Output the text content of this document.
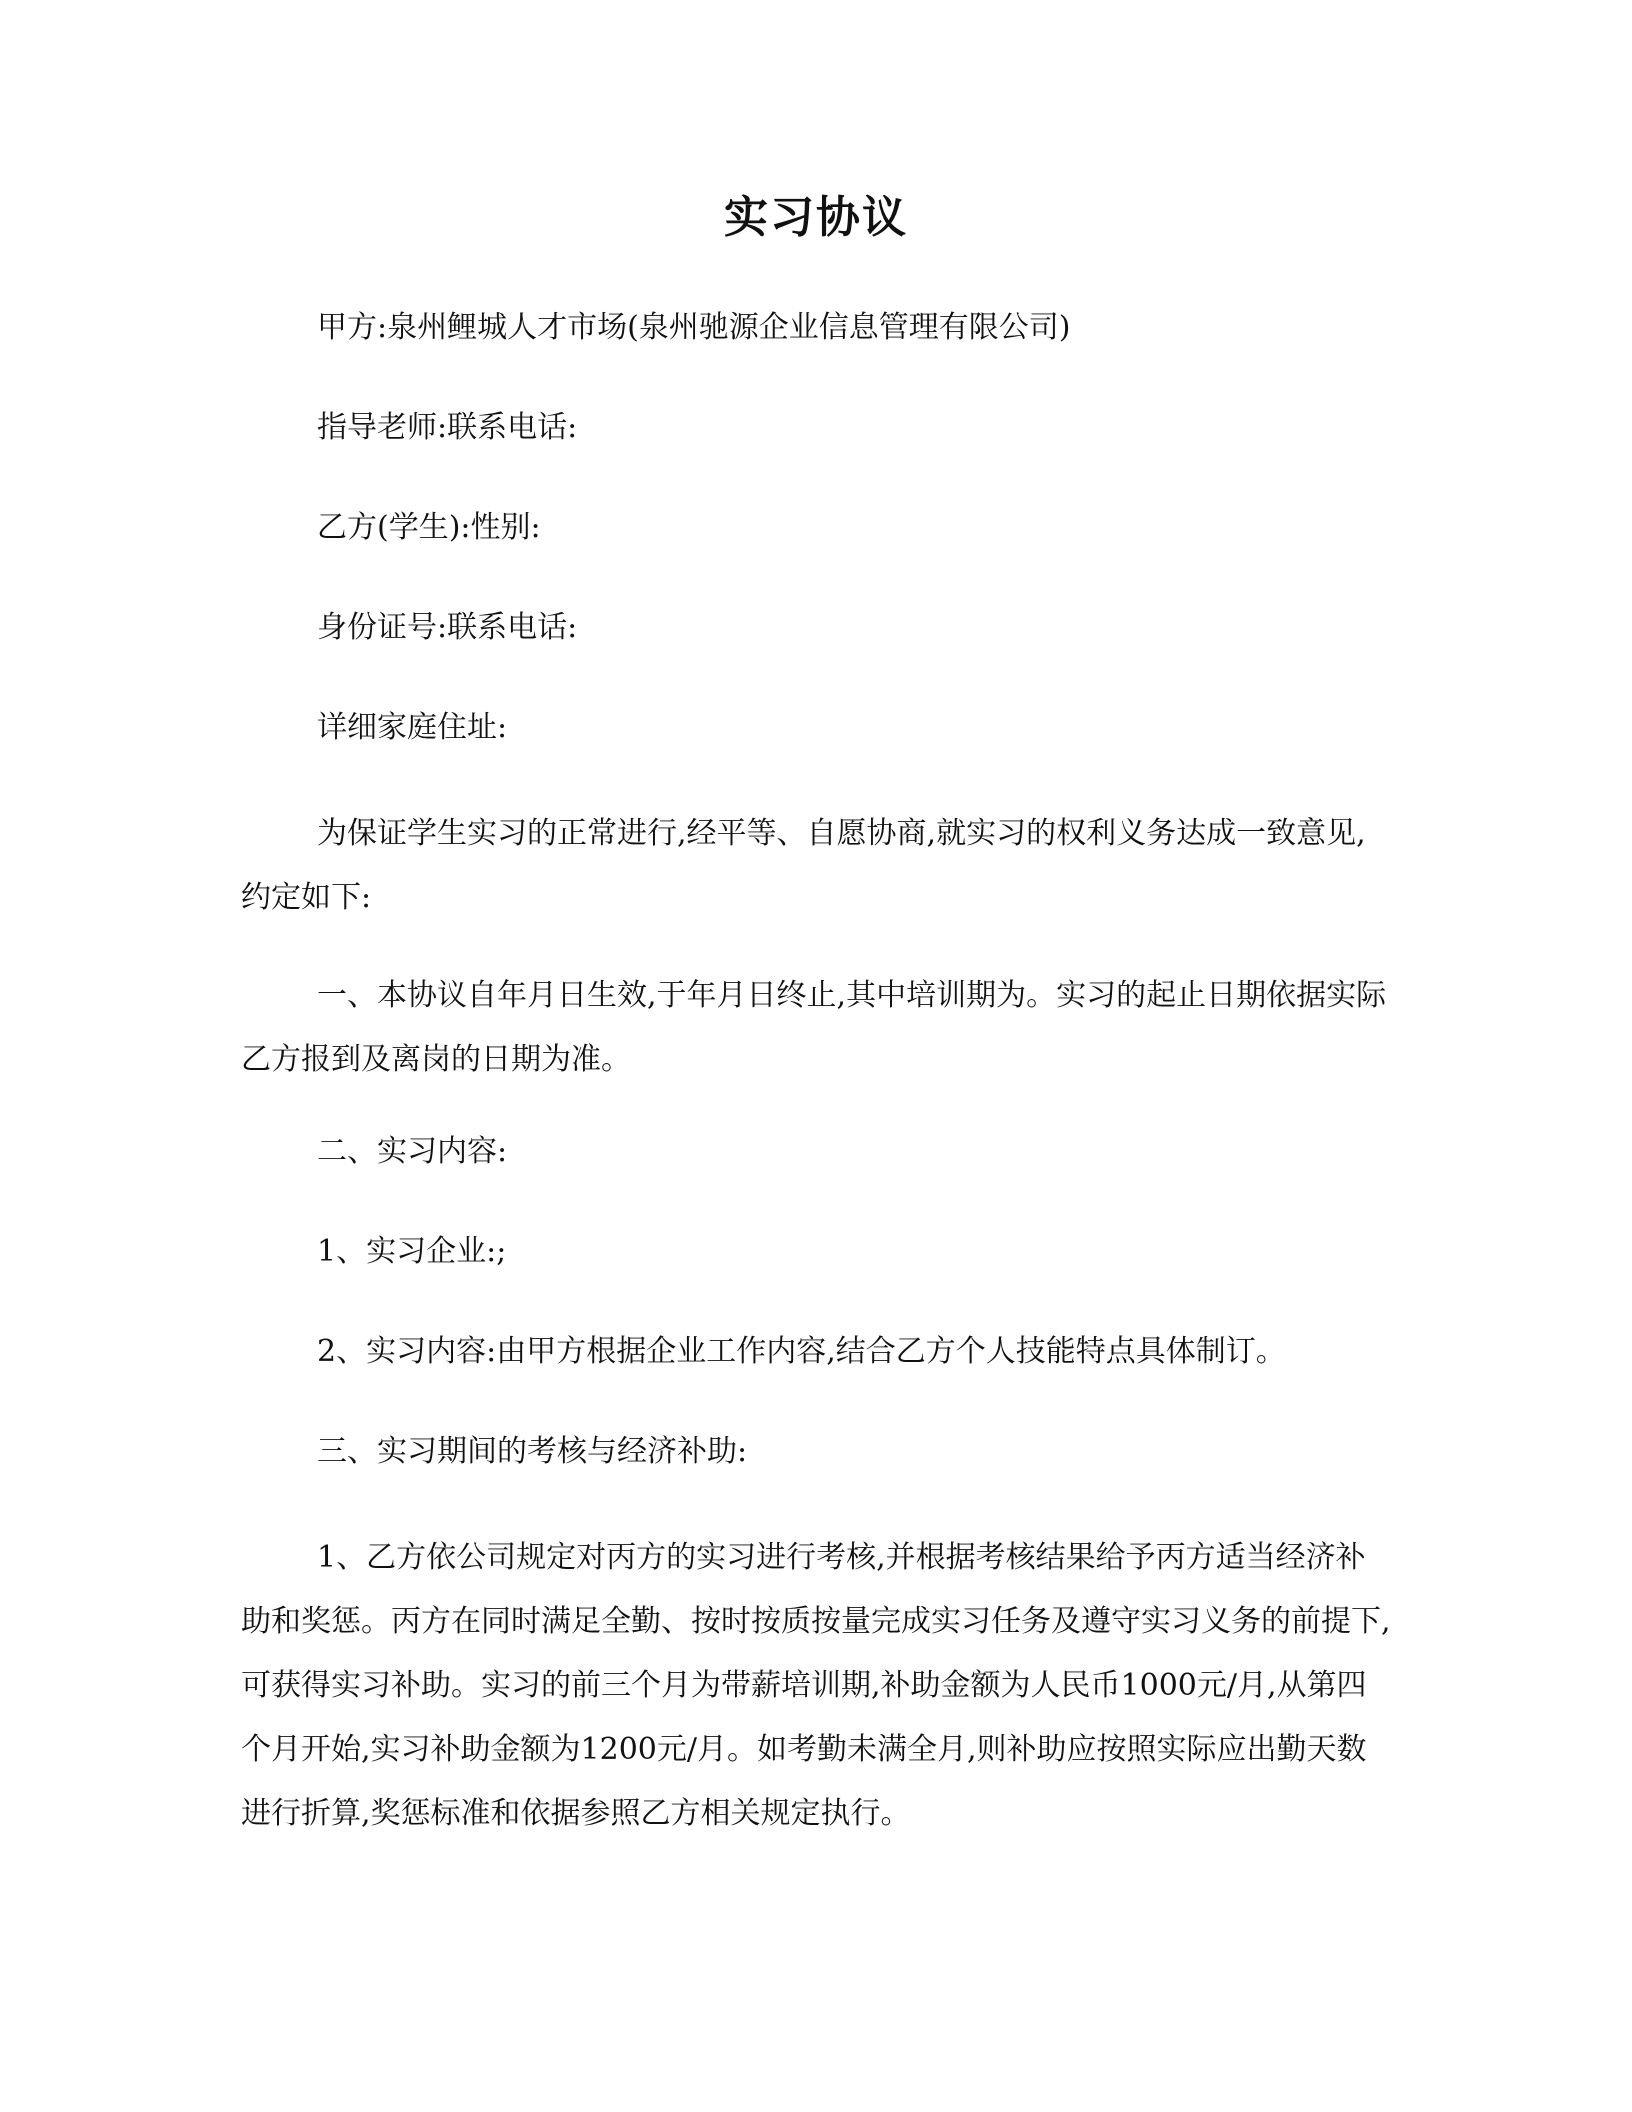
实习协议

甲方:泉州鲤城人才市场(泉州驰源企业信息管理有限公司)

指导老师:联系电话:

乙方(学生):性别:

身份证号:联系电话:

详细家庭住址:

为保证学生实习的正常进行,经平等、自愿协商,就实习的权利义务达成一致意见,约定如下:

一、本协议自年月日生效,于年月日终止,其中培训期为。实习的起止日期依据实际乙方报到及离岗的日期为准。

二、实习内容:

1、实习企业:;

2、实习内容:由甲方根据企业工作内容,结合乙方个人技能特点具体制订。

三、实习期间的考核与经济补助:

1、乙方依公司规定对丙方的实习进行考核,并根据考核结果给予丙方适当经济补助和奖惩。丙方在同时满足全勤、按时按质按量完成实习任务及遵守实习义务的前提下,可获得实习补助。实习的前三个月为带薪培训期,补助金额为人民币1000元/月,从第四个月开始,实习补助金额为1200元/月。如考勤未满全月,则补助应按照实际应出勤天数进行折算,奖惩标准和依据参照乙方相关规定执行。
